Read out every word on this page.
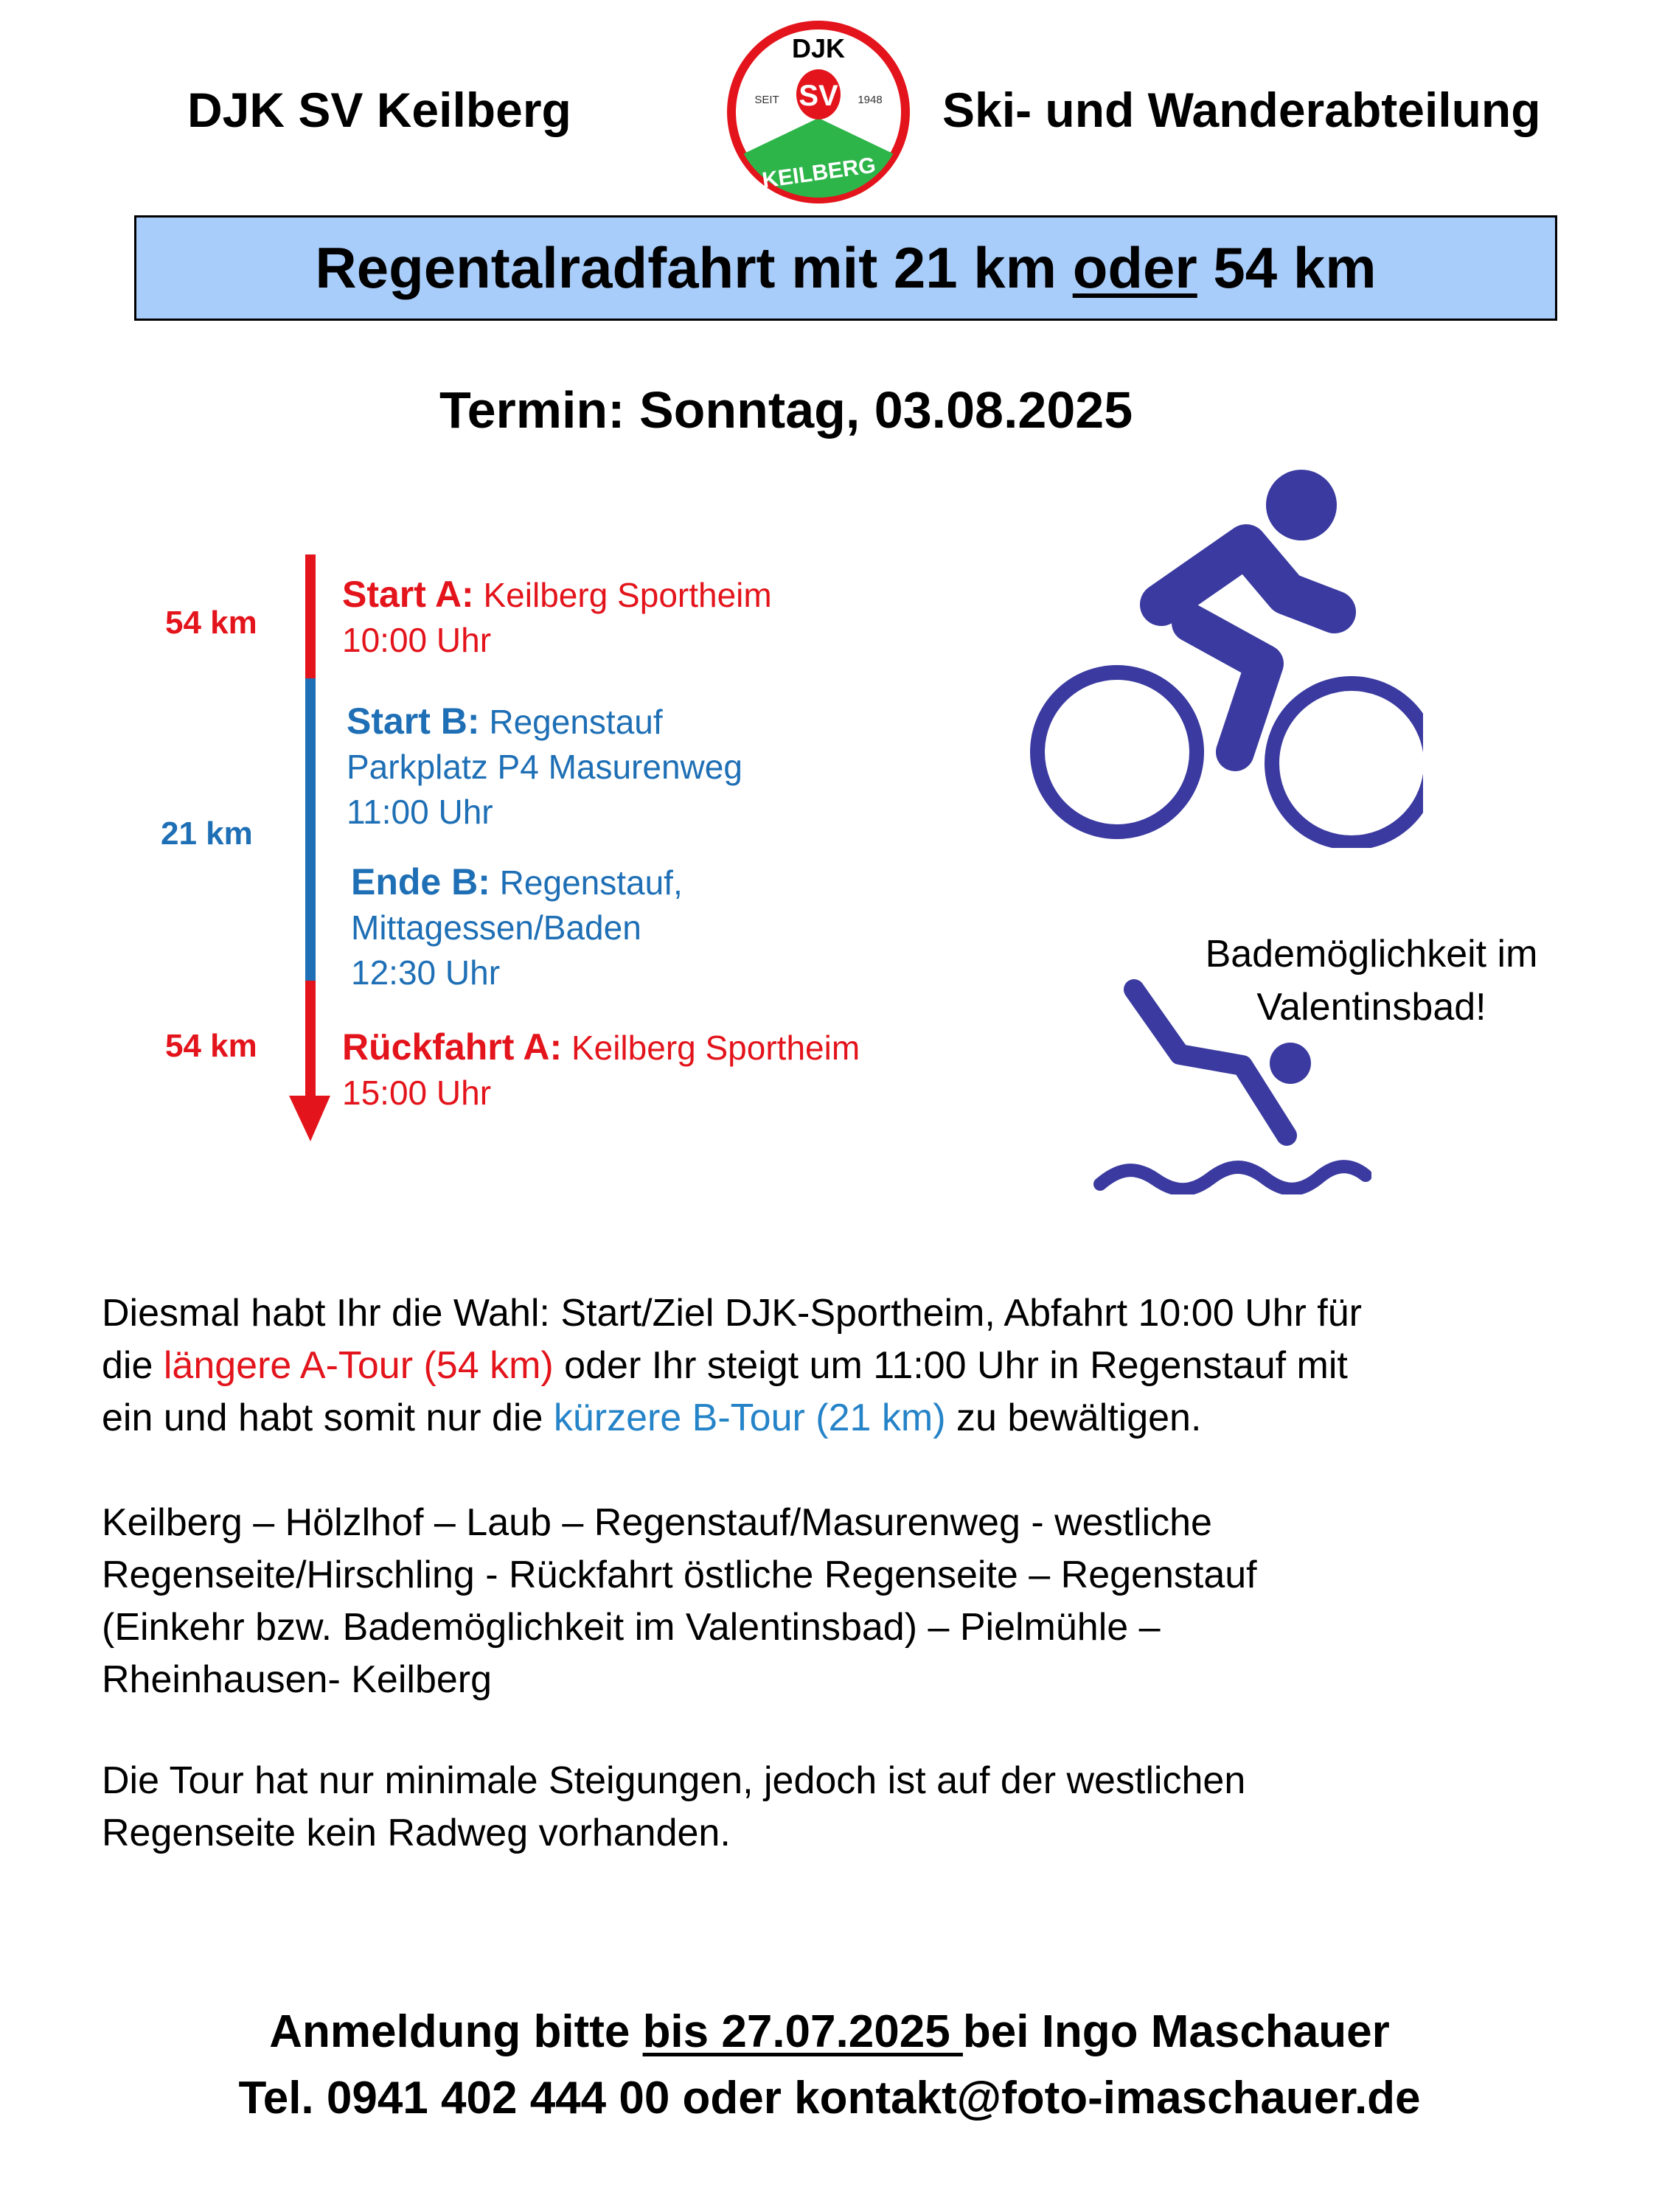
DJK SV Keilberg
DJK
SV
SEIT	1948
KEILBERG
Ski- und Wanderabteilung
Regentalradfahrt mit 21 km oder 54 km
Termin: Sonntag, 03.08.2025
54 km
21 km
54 km
Start A: Keilberg Sportheim
10:00 Uhr
Start B: Regenstauf
Parkplatz P4 Masurenweg
11:00 Uhr
Ende B: Regenstauf,
Mittagessen/Baden
12:30 Uhr
Rückfahrt A: Keilberg Sportheim
15:00 Uhr
Bademöglichkeit im
Valentinsbad!

Diesmal habt Ihr die Wahl: Start/Ziel DJK-Sportheim, Abfahrt 10:00 Uhr für

die längere A-Tour (54 km) oder Ihr steigt um 11:00 Uhr in Regenstauf mit

ein und habt somit nur die kürzere B-Tour (21 km) zu bewältigen.

Keilberg – Hölzlhof – Laub – Regenstauf/Masurenweg - westliche

Regenseite/Hirschling - Rückfahrt östliche Regenseite – Regenstauf

(Einkehr bzw. Bademöglichkeit im Valentinsbad) – Pielmühle –

Rheinhausen- Keilberg

Die Tour hat nur minimale Steigungen, jedoch ist auf der westlichen

Regenseite kein Radweg vorhanden.

Anmeldung bitte bis 27.07.2025 bei Ingo Maschauer
Tel. 0941 402 444 00 oder kontakt@foto-imaschauer.de
